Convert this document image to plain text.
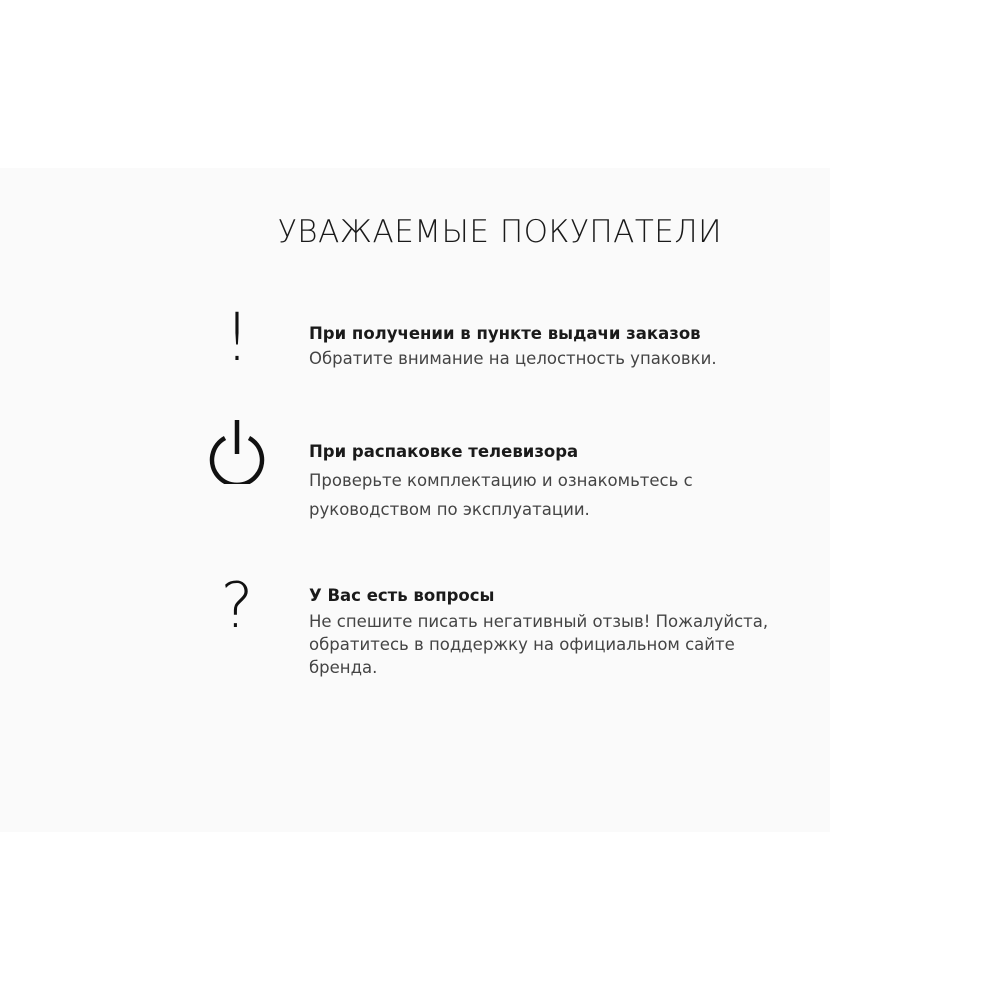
УВАЖАЕМЫЕ ПОКУПАТЕЛИ
!	При получении в пункте выдачи заказов
Обратите внимание на целостность упаковки.
При распаковке телевизора
Проверьте комплектацию и ознакомьтесь с
руководством по эксплуатации.
?	У Вас есть вопросы
Не спешите писать негативный отзыв! Пожалуйста,
обратитесь в поддержку на официальном сайте
бренда.
